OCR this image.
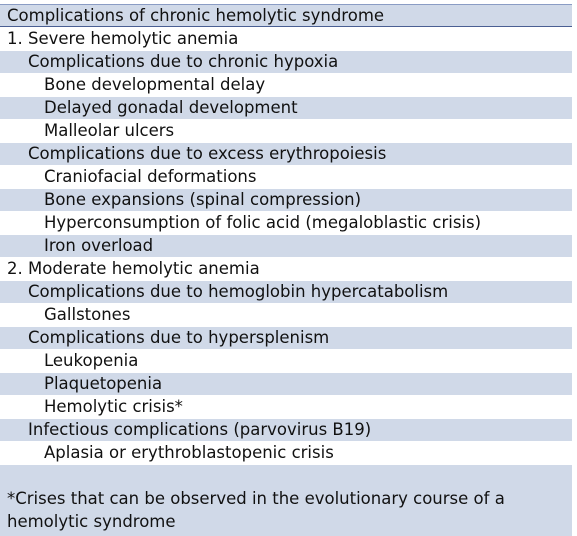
Complications of chronic hemolytic syndrome
1. Severe hemolytic anemia
Complications due to chronic hypoxia
Bone developmental delay
Delayed gonadal development
Malleolar ulcers
Complications due to excess erythropoiesis
Craniofacial deformations
Bone expansions (spinal compression)
Hyperconsumption of folic acid (megaloblastic crisis)
Iron overload
2. Moderate hemolytic anemia
Complications due to hemoglobin hypercatabolism
Gallstones
Complications due to hypersplenism
Leukopenia
Plaquetopenia
Hemolytic crisis*
Infectious complications (parvovirus B19)
Aplasia or erythroblastopenic crisis
*Crises that can be observed in the evolutionary course of a hemolytic syndrome
